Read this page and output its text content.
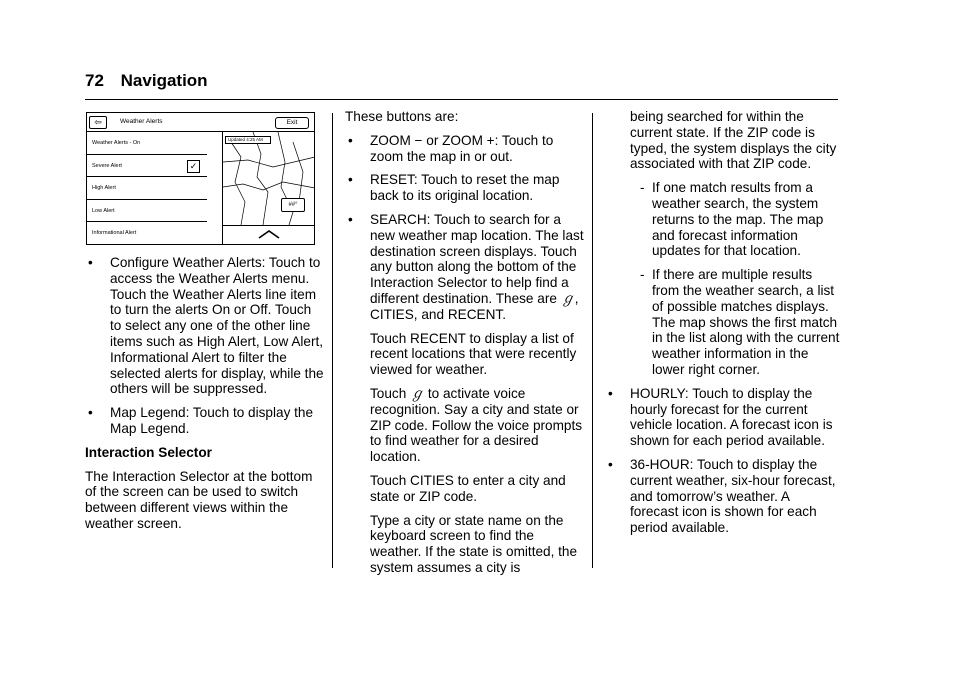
72 Navigation
⇦	Weather Alerts	Exit
Weather Alerts - On
Severe Alert	✓
High Alert
Low Alert
Informational Alert
Updated 4:25 AM
##°
• Configure Weather Alerts: Touch to access the Weather Alerts menu. Touch the Weather Alerts line item to turn the alerts On or Off. Touch to select any one of the other line items such as High Alert, Low Alert, Informational Alert to filter the selected alerts for display, while the others will be suppressed.
• Map Legend: Touch to display the Map Legend.
Interaction Selector
The Interaction Selector at the bottom of the screen can be used to switch between different views within the weather screen.
These buttons are:
• ZOOM − or ZOOM +: Touch to zoom the map in or out.
• RESET: Touch to reset the map back to its original location.
• SEARCH: Touch to search for a new weather map location. The last destination screen displays. Touch any button along the bottom of the Interaction Selector to help find a different destination. These are ℊ,
CITIES, and RECENT.
Touch RECENT to display a list of recent locations that were recently viewed for weather.
Touch ℊ to activate voice recognition. Say a city and state or ZIP code. Follow the voice prompts to find weather for a desired location.
Touch CITIES to enter a city and state or ZIP code.
Type a city or state name on the keyboard screen to find the weather. If the state is omitted, the system assumes a city is
being searched for within the current state. If the ZIP code is typed, the system displays the city associated with that ZIP code.
- If one match results from a weather search, the system returns to the map. The map and forecast information updates for that location.
- If there are multiple results from the weather search, a list of possible matches displays. The map shows the first match in the list along with the current weather information in the lower right corner.
• HOURLY: Touch to display the hourly forecast for the current vehicle location. A forecast icon is shown for each period available.
• 36-HOUR: Touch to display the current weather, six-hour forecast, and tomorrow’s weather. A forecast icon is shown for each period available.
